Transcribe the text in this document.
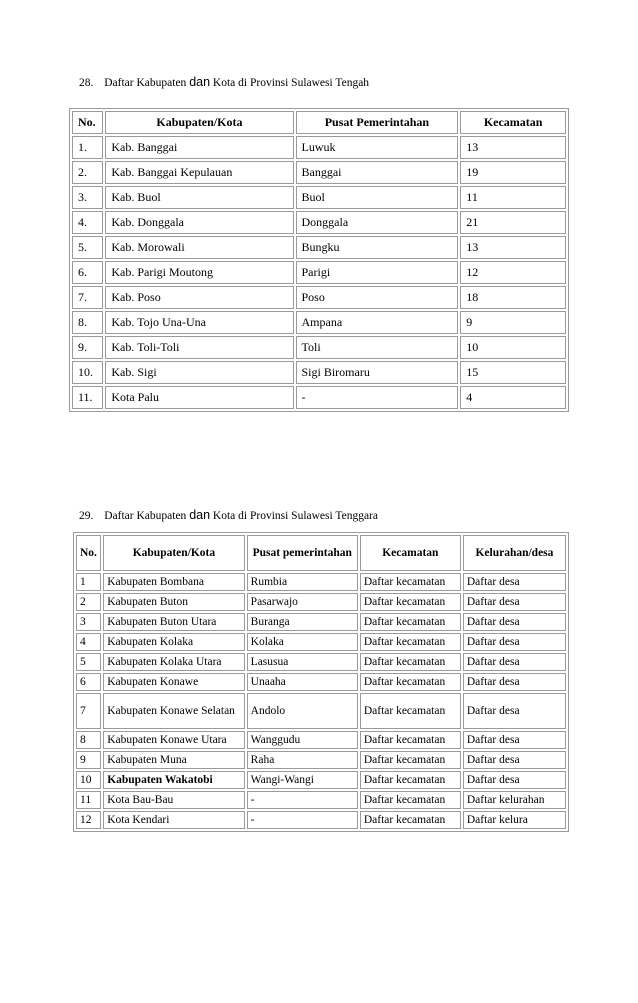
28. Daftar Kabupaten dan Kota di Provinsi Sulawesi Tengah
No.	Kabupaten/Kota	Pusat Pemerintahan	Kecamatan
1.	Kab. Banggai	Luwuk	13
2.	Kab. Banggai Kepulauan	Banggai	19
3.	Kab. Buol	Buol	11
4.	Kab. Donggala	Donggala	21
5.	Kab. Morowali	Bungku	13
6.	Kab. Parigi Moutong	Parigi	12
7.	Kab. Poso	Poso	18
8.	Kab. Tojo Una-Una	Ampana	9
9.	Kab. Toli-Toli	Toli	10
10.	Kab. Sigi	Sigi Biromaru	15
11.	Kota Palu	-	4
29. Daftar Kabupaten dan Kota di Provinsi Sulawesi Tenggara
No.	Kabupaten/Kota	Pusat pemerintahan	Kecamatan	Kelurahan/desa
1	Kabupaten Bombana	Rumbia	Daftar kecamatan	Daftar desa
2	Kabupaten Buton	Pasarwajo	Daftar kecamatan	Daftar desa
3	Kabupaten Buton Utara	Buranga	Daftar kecamatan	Daftar desa
4	Kabupaten Kolaka	Kolaka	Daftar kecamatan	Daftar desa
5	Kabupaten Kolaka Utara	Lasusua	Daftar kecamatan	Daftar desa
6	Kabupaten Konawe	Unaaha	Daftar kecamatan	Daftar desa
7	Kabupaten Konawe Selatan	Andolo	Daftar kecamatan	Daftar desa
8	Kabupaten Konawe Utara	Wanggudu	Daftar kecamatan	Daftar desa
9	Kabupaten Muna	Raha	Daftar kecamatan	Daftar desa
10	Kabupaten Wakatobi	Wangi-Wangi	Daftar kecamatan	Daftar desa
11	Kota Bau-Bau	-	Daftar kecamatan	Daftar kelurahan
12	Kota Kendari	-	Daftar kecamatan	Daftar kelura
